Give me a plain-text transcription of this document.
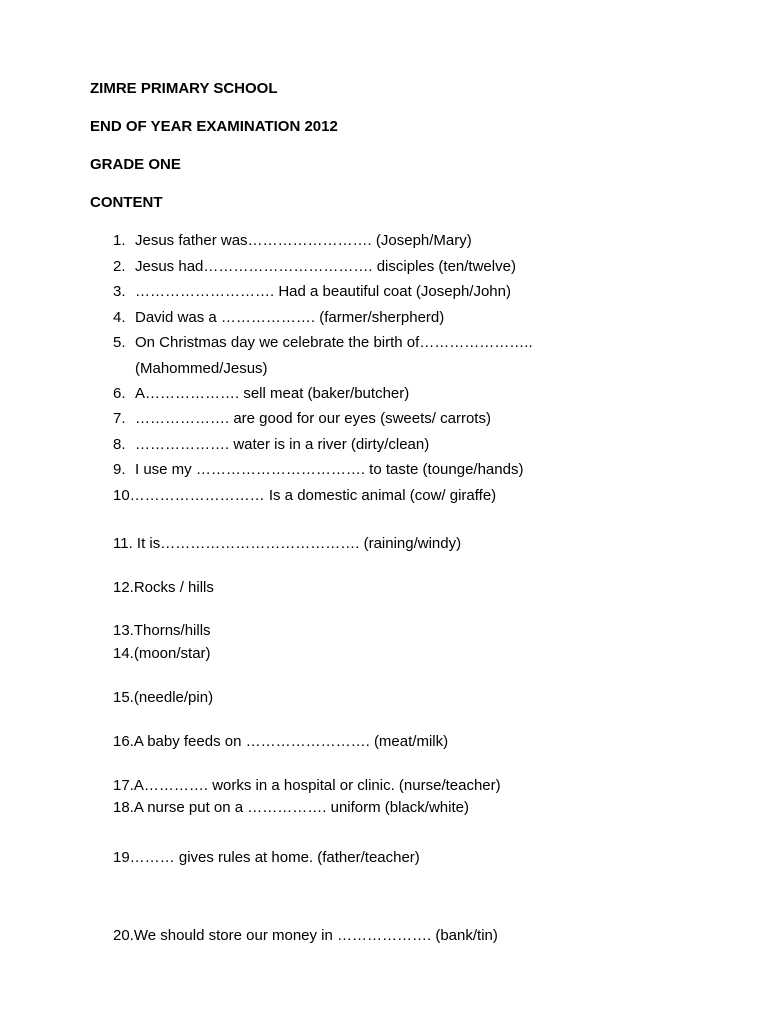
ZIMRE PRIMARY SCHOOL

END OF YEAR EXAMINATION 2012

GRADE ONE

CONTENT

1. Jesus father was……………………. (Joseph/Mary)
2. Jesus had……………………………. disciples (ten/twelve)
3. ………………………. Had a beautiful coat (Joseph/John)
4. David was a ………………. (farmer/sherpherd)
5. On Christmas day we celebrate the birth of…………………..
(Mahommed/Jesus)
6. A………………. sell meat (baker/butcher)
7. ………………. are good for our eyes (sweets/ carrots)
8. ………………. water is in a river (dirty/clean)
9. I use my ……………………………. to taste (tounge/hands)
10……………………… Is a domestic animal (cow/ giraffe)
11. It is…………………………………. (raining/windy)
12.Rocks / hills
13.Thorns/hills
14.(moon/star)
15.(needle/pin)
16.A baby feeds on ……………………. (meat/milk)
17.A…………. works in a hospital or clinic. (nurse/teacher)
18.A nurse put on a ……………. uniform (black/white)
19……… gives rules at home. (father/teacher)
20.We should store our money in ………………. (bank/tin)
